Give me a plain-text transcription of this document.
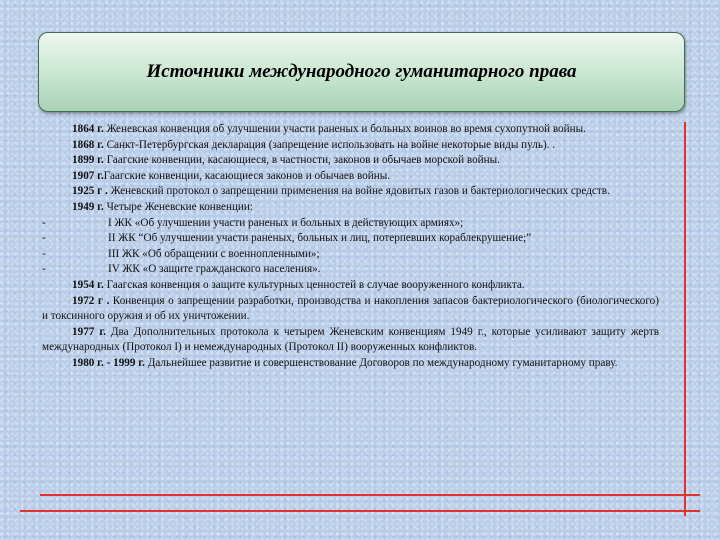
Источники международного гуманитарного права

1864 г. Женевская конвенция об улучшении участи раненых и больных воинов во время сухопутной войны.

1868 г. Санкт-Петербургская декларация (запрещение использовать на войне некоторые виды пуль). .

1899 г. Гаагские конвенции, касающиеся, в частности, законов и обычаев морской войны.

1907 г.Гаагские конвенции, касающиеся законов и обычаев войны.

1925 г . Женевский протокол о запрещении применения на войне ядовитых газов и бактериологических средств.

1949 г. Четыре Женевские конвенции:

-	I ЖК «Об улучшении участи раненых и больных в действующих армиях»;

-	II ЖК “Об улучшении участи раненых, больных и лиц, потерпевших кораблекрушение;”

-	III ЖК «Об обращении с военнопленными»;

-	IV ЖК «О защите гражданского населения».

1954 г. Гаагская конвенция о защите культурных ценностей в случае вооруженного конфликта.

1972 г . Конвенция о запрещении разработки, производства и накопления запасов бактериологического (биологического) и токсинного оружия и об их уничтожении.

1977 г. Два Дополнительных протокола к четырем Женевским конвенциям 1949 г., которые усиливают защиту жертв международных (Протокол I) и немеждународных (Протокол II) вооруженных конфликтов.

1980 г. - 1999 г. Дальнейшее развитие и совершенствование Договоров по международному гуманитарному праву.
